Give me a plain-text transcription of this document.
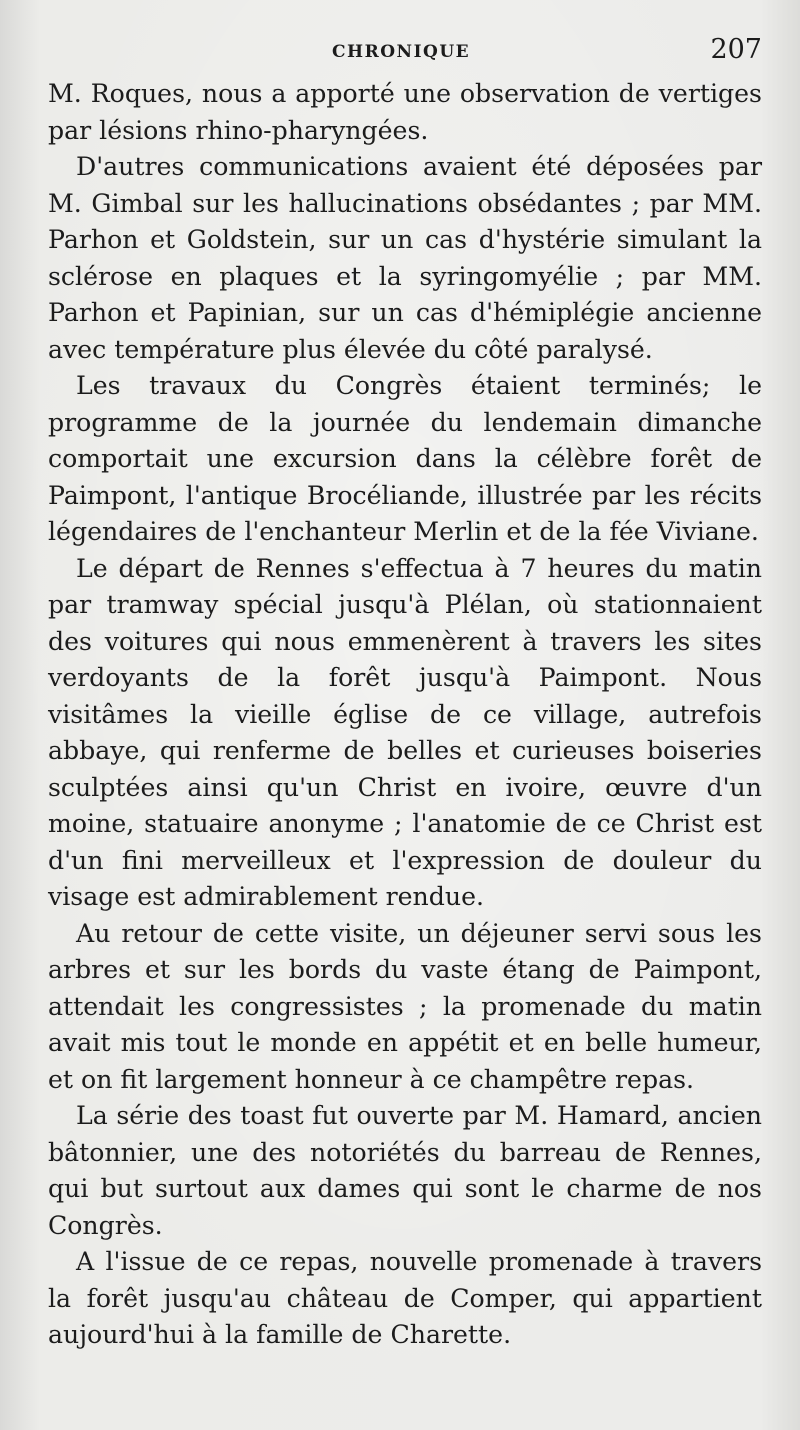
CHRONIQUE	207

M. Roques, nous a apporté une observation de vertiges par lésions rhino-pharyngées.

D'autres communications avaient été déposées par M. Gimbal sur les hallucinations obsédantes ; par MM. Parhon et Goldstein, sur un cas d'hystérie simulant la sclérose en plaques et la syringomyélie ; par MM. Parhon et Papinian, sur un cas d'hémiplégie ancienne avec température plus élevée du côté paralysé.

Les travaux du Congrès étaient terminés; le programme de la journée du lendemain dimanche comportait une excursion dans la célèbre forêt de Paimpont, l'antique Brocéliande, illustrée par les récits légendaires de l'enchanteur Merlin et de la fée Viviane.

Le départ de Rennes s'effectua à 7 heures du matin par tramway spécial jusqu'à Plélan, où stationnaient des voitures qui nous emmenèrent à travers les sites verdoyants de la forêt jusqu'à Paimpont. Nous visitâmes la vieille église de ce village, autrefois abbaye, qui renferme de belles et curieuses boiseries sculptées ainsi qu'un Christ en ivoire, œuvre d'un moine, statuaire anonyme ; l'anatomie de ce Christ est d'un fini merveilleux et l'expression de douleur du visage est admirablement rendue.

Au retour de cette visite, un déjeuner servi sous les arbres et sur les bords du vaste étang de Paimpont, attendait les congressistes ; la promenade du matin avait mis tout le monde en appétit et en belle humeur, et on fit largement honneur à ce champêtre repas.

La série des toast fut ouverte par M. Hamard, ancien bâtonnier, une des notoriétés du barreau de Rennes, qui but surtout aux dames qui sont le charme de nos Congrès.

A l'issue de ce repas, nouvelle promenade à travers la forêt jusqu'au château de Comper, qui appartient aujourd'hui à la famille de Charette.
